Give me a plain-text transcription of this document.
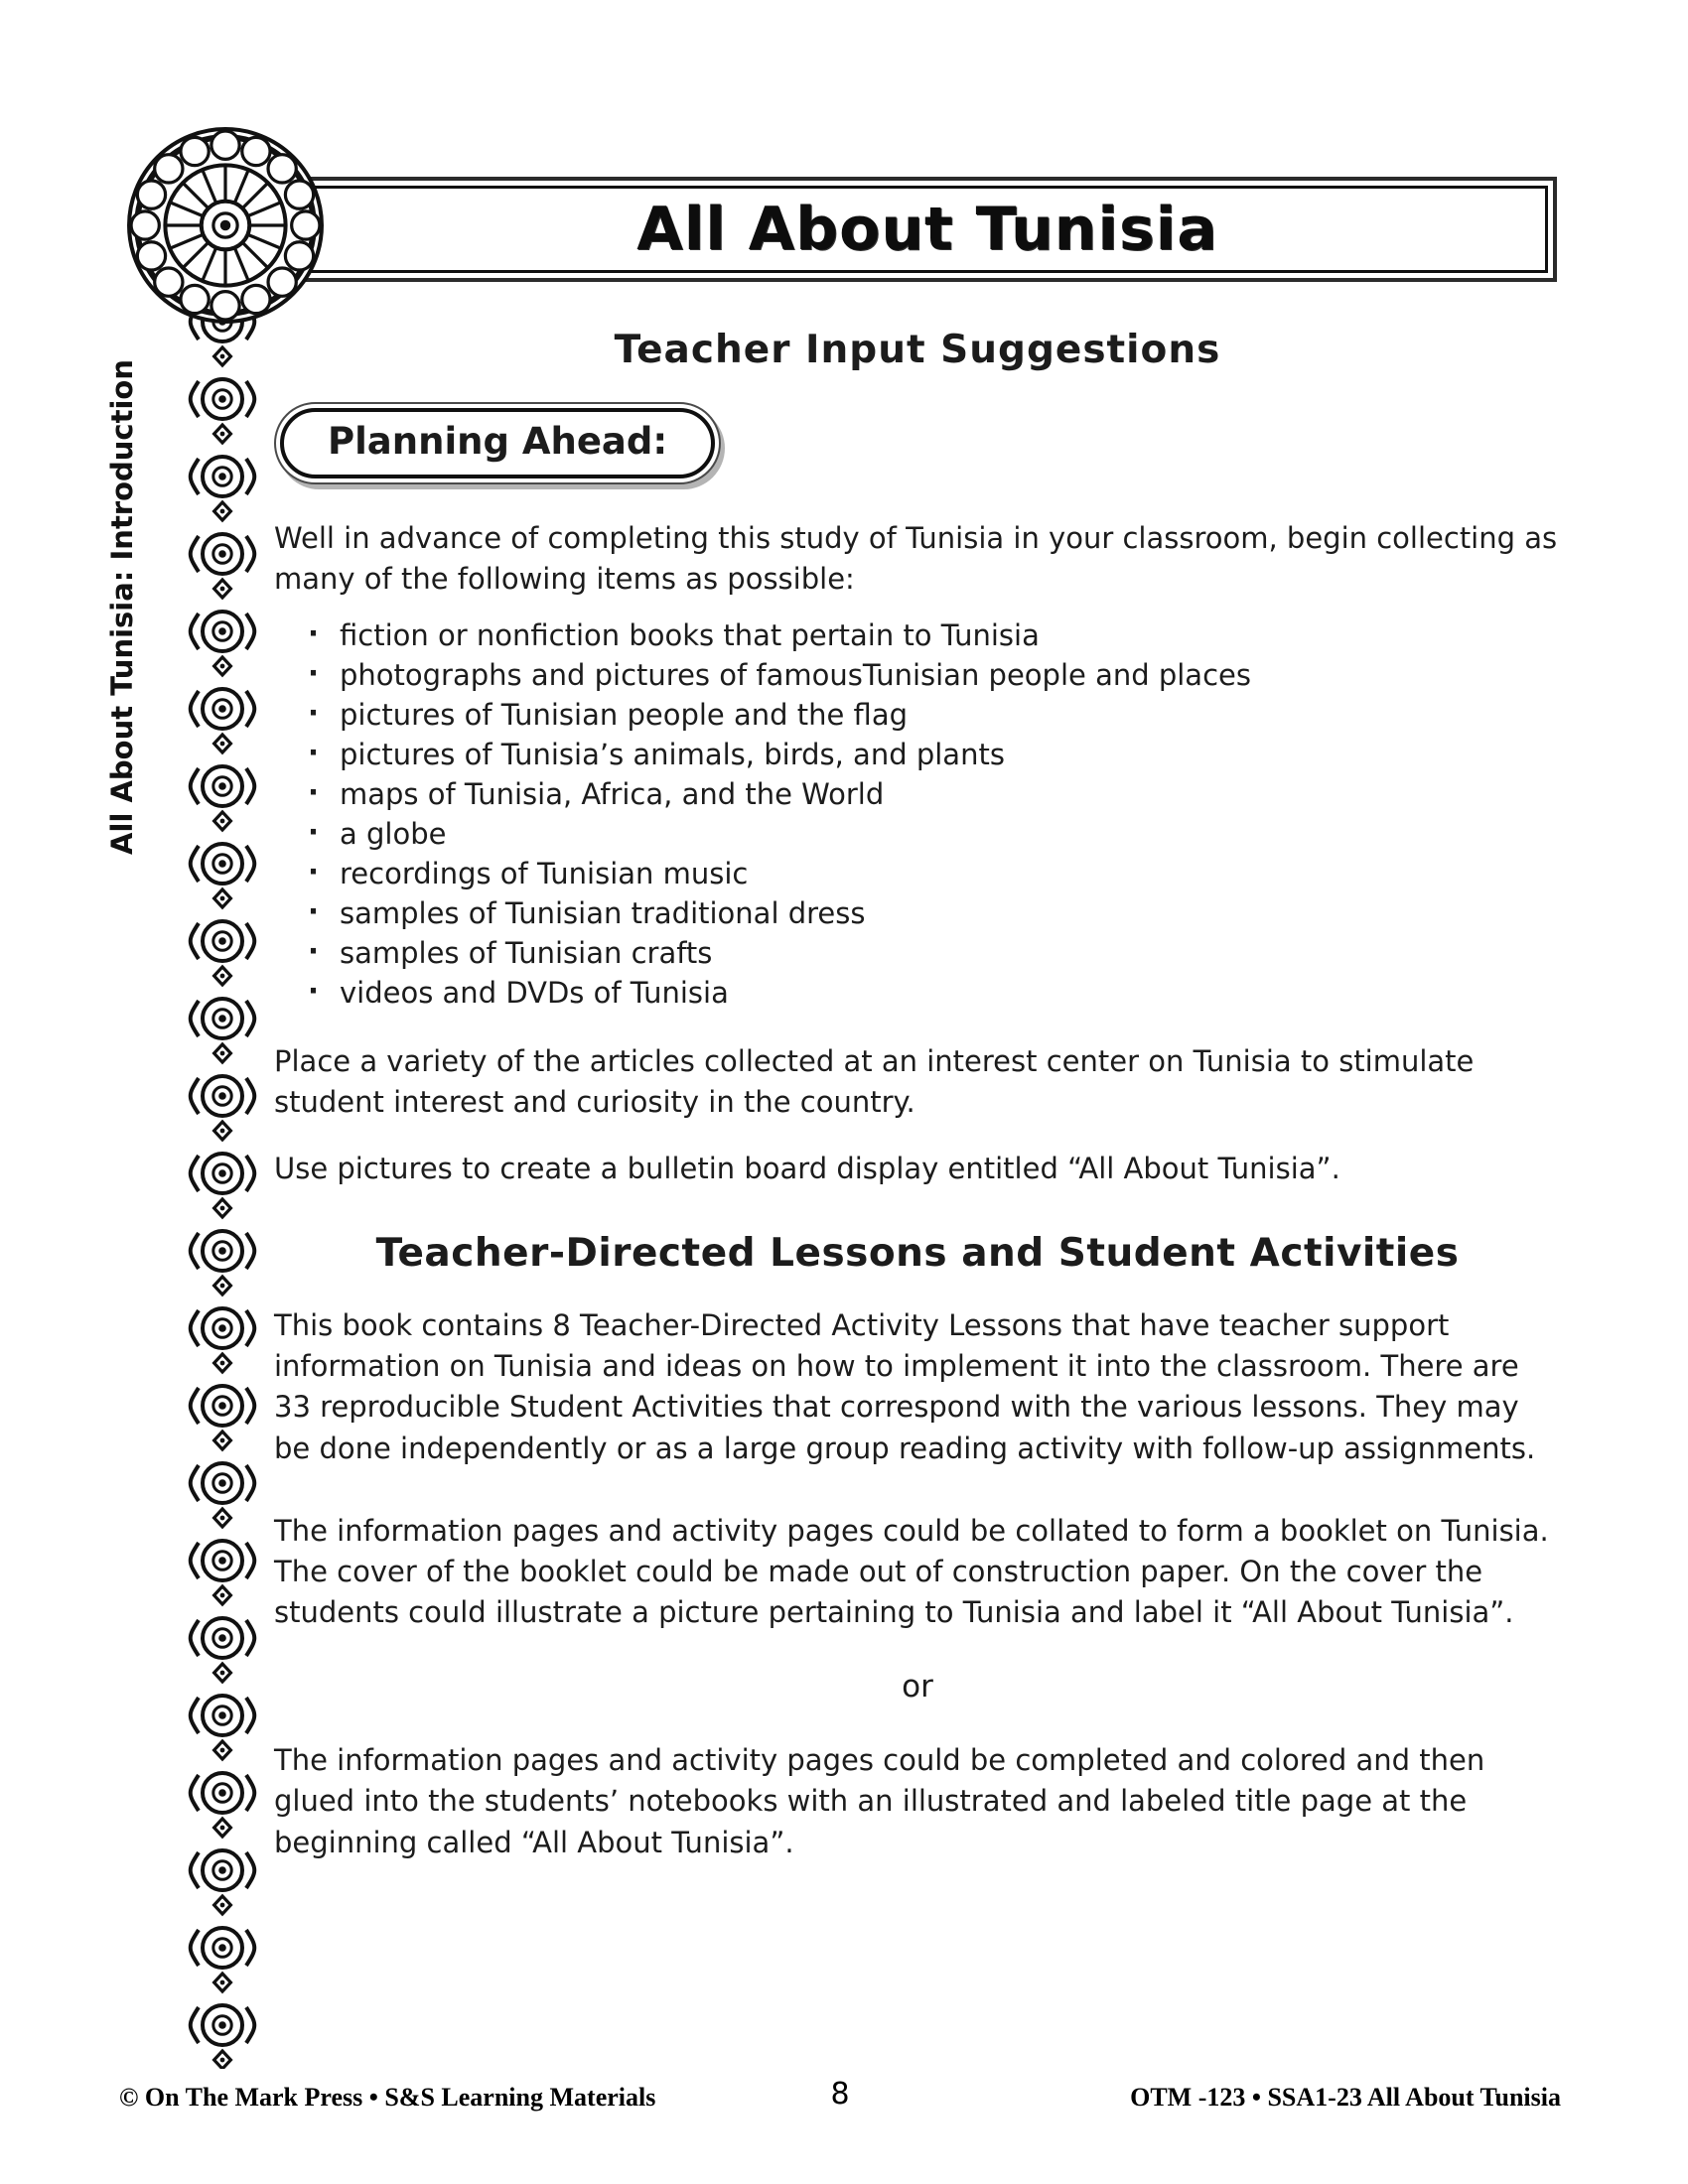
All About Tunisia
All About Tunisia: Introduction
Teacher Input Suggestions
Planning Ahead:

Well in advance of completing this study of Tunisia in your classroom, begin collecting as many of the following items as possible:

· fiction or nonfiction books that pertain to Tunisia
· photographs and pictures of famousTunisian people and places
· pictures of Tunisian people and the flag
· pictures of Tunisia’s animals, birds, and plants
· maps of Tunisia, Africa, and the World
· a globe
· recordings of Tunisian music
· samples of Tunisian traditional dress
· samples of Tunisian crafts
· videos and DVDs of Tunisia

Place a variety of the articles collected at an interest center on Tunisia to stimulate student interest and curiosity in the country.

Use pictures to create a bulletin board display entitled “All About Tunisia”.

Teacher-Directed Lessons and Student Activities

This book contains 8 Teacher-Directed Activity Lessons that have teacher support information on Tunisia and ideas on how to implement it into the classroom. There are 33 reproducible Student Activities that correspond with the various lessons. They may be done independently or as a large group reading activity with follow-up assignments.

The information pages and activity pages could be collated to form a booklet on Tunisia. The cover of the booklet could be made out of construction paper. On the cover the students could illustrate a picture pertaining to Tunisia and label it “All About Tunisia”.

or

The information pages and activity pages could be completed and colored and then glued into the students’ notebooks with an illustrated and labeled title page at the beginning called “All About Tunisia”.

© On The Mark Press • S&S Learning Materials	8	OTM -123 • SSA1-23 All About Tunisia
